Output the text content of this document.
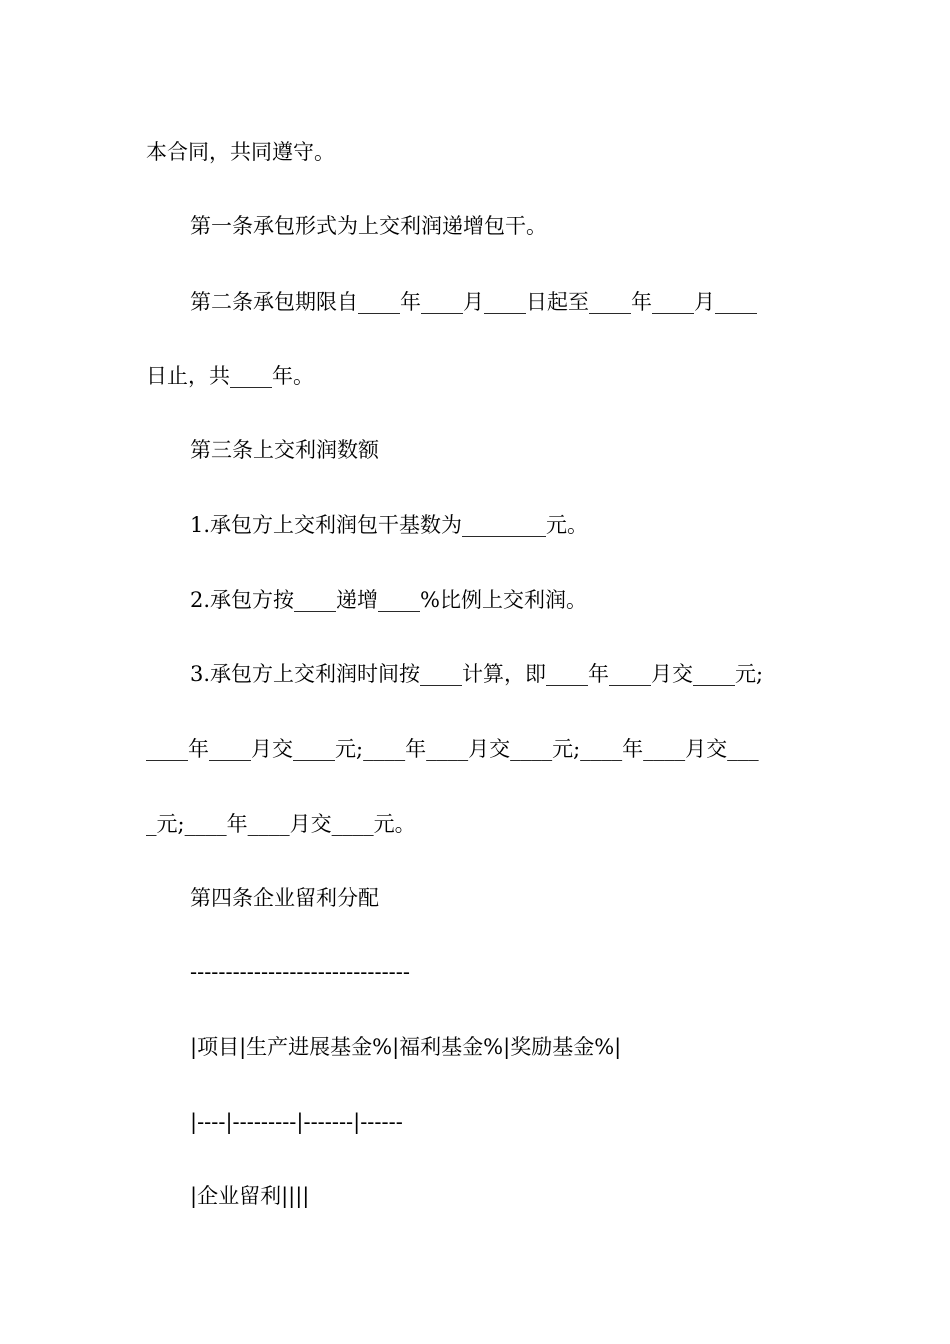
本合同，共同遵守。
第一条承包形式为上交利润递增包干。
第二条承包期限自____年____月____日起至____年____月____
日止，共____年。
第三条上交利润数额
1.承包方上交利润包干基数为________元。
2.承包方按____递增____%比例上交利润。
3.承包方上交利润时间按____计算，即____年____月交____元;
____年____月交____元;____年____月交____元;____年____月交___
_元;____年____月交____元。
第四条企业留利分配
-------------------------------
|项目|生产进展基金%|福利基金%|奖励基金%|
|----|---------|-------|------
|企业留利||||
